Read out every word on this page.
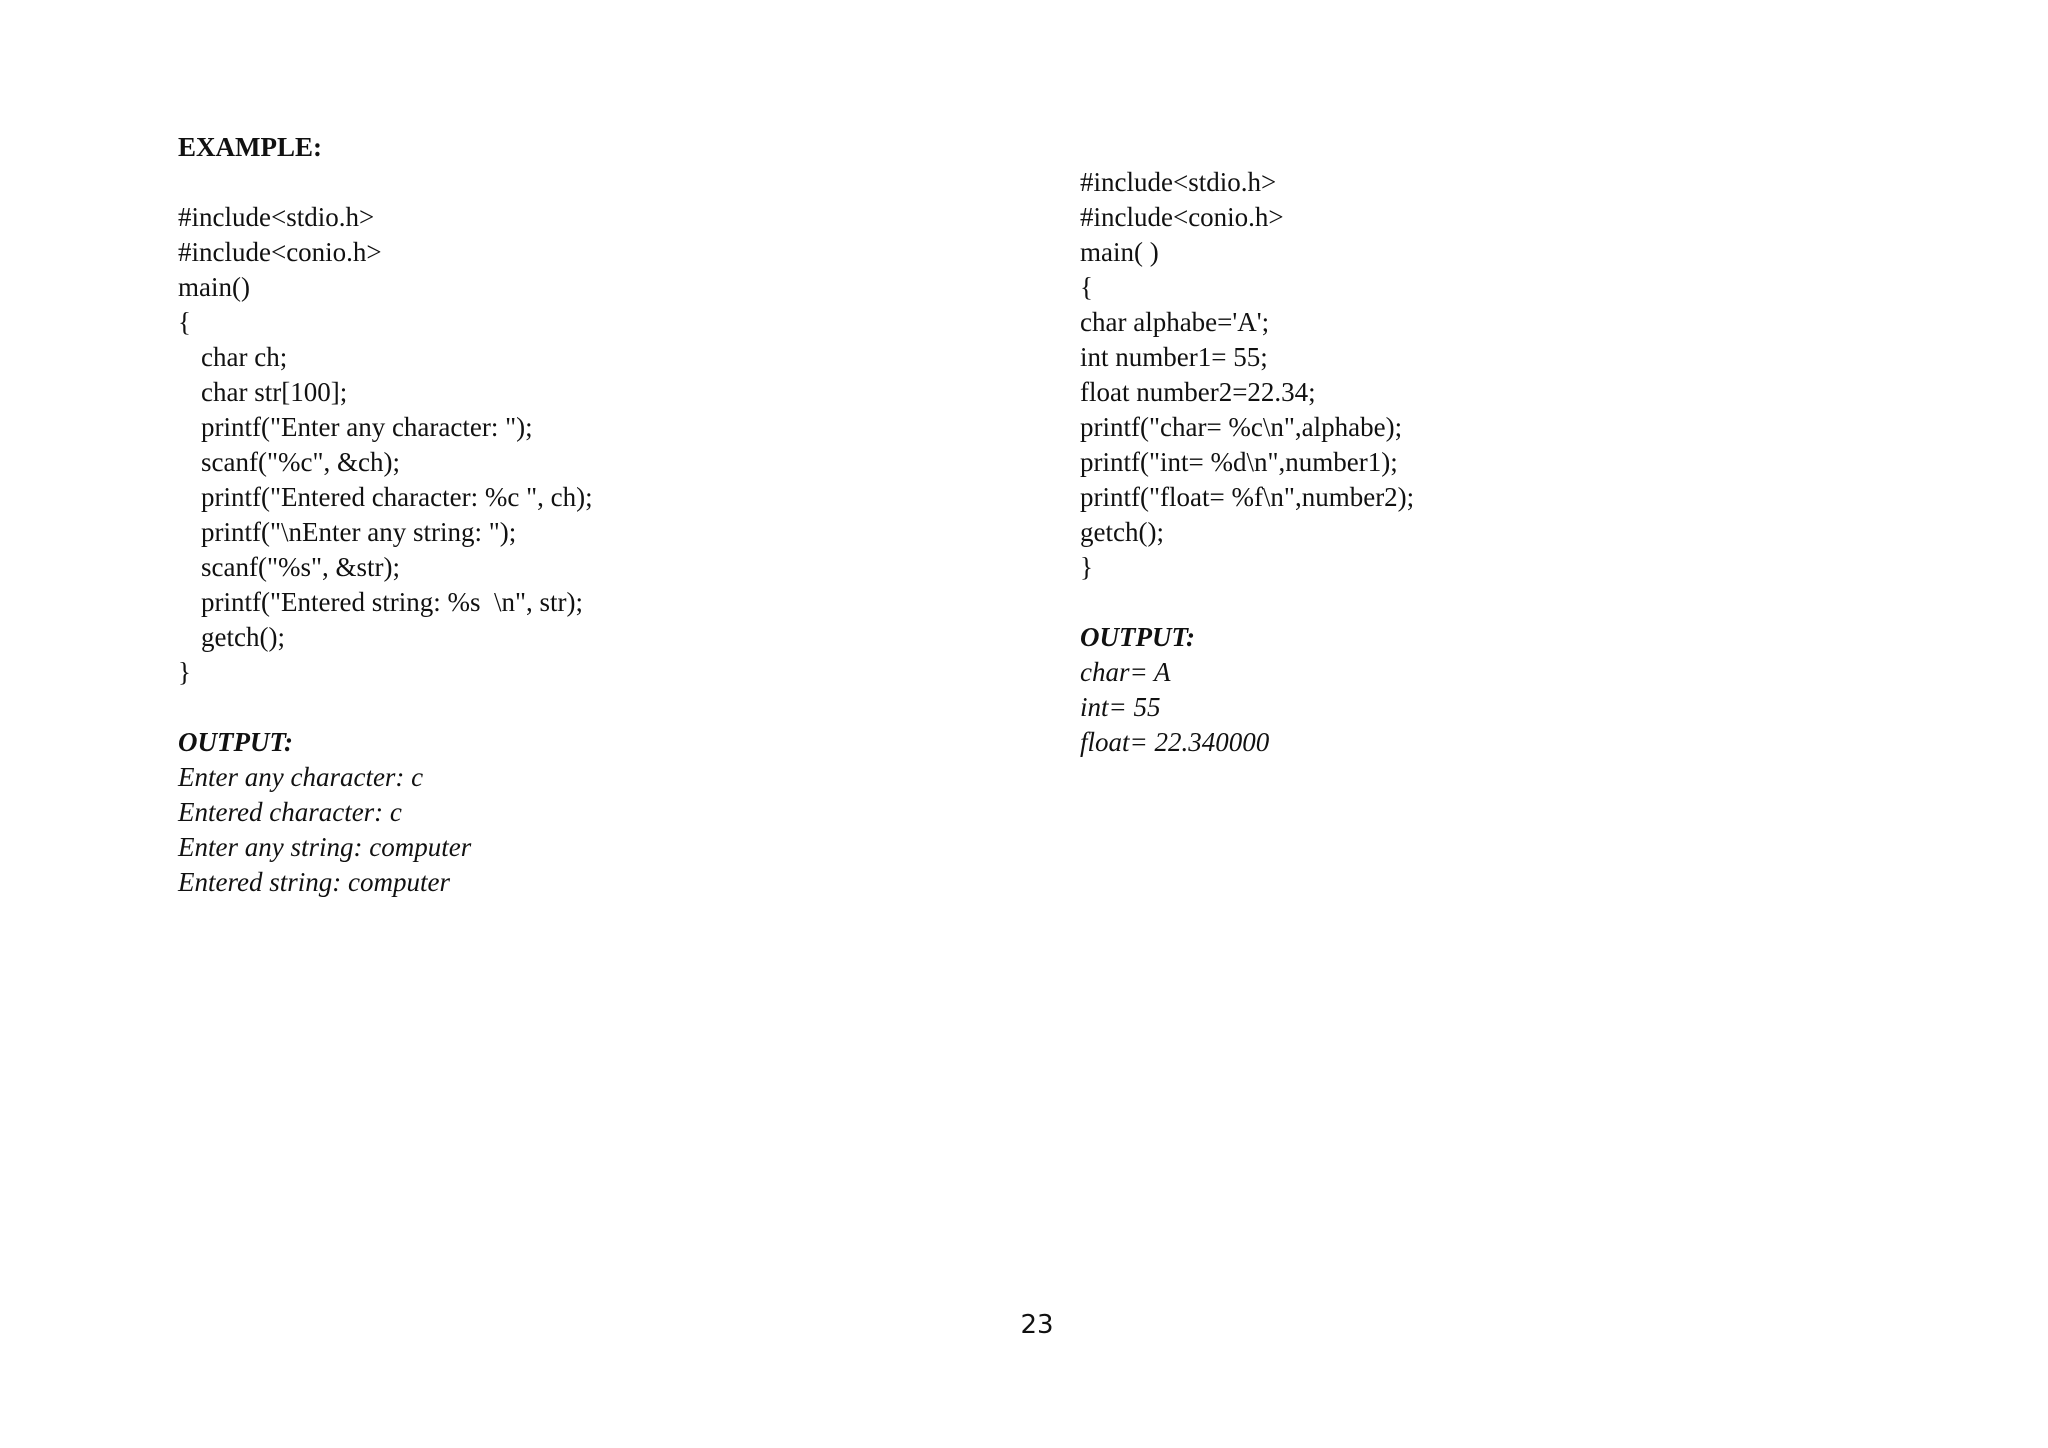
EXAMPLE:
#include<stdio.h>
#include<conio.h>
main()
{
char ch;
char str[100];
printf("Enter any character: ");
scanf("%c", &ch);
printf("Entered character: %c ", ch);
printf("\nEnter any string: ");
scanf("%s", &str);
printf("Entered string: %s  \n", str);
getch();
}
OUTPUT:
Enter any character: c
Entered character: c
Enter any string: computer
Entered string: computer
#include<stdio.h>
#include<conio.h>
main( )
{
char alphabe='A';
int number1= 55;
float number2=22.34;
printf("char= %c\n",alphabe);
printf("int= %d\n",number1);
printf("float= %f\n",number2);
getch();
}
OUTPUT:
char= A
int= 55
float= 22.340000
23
